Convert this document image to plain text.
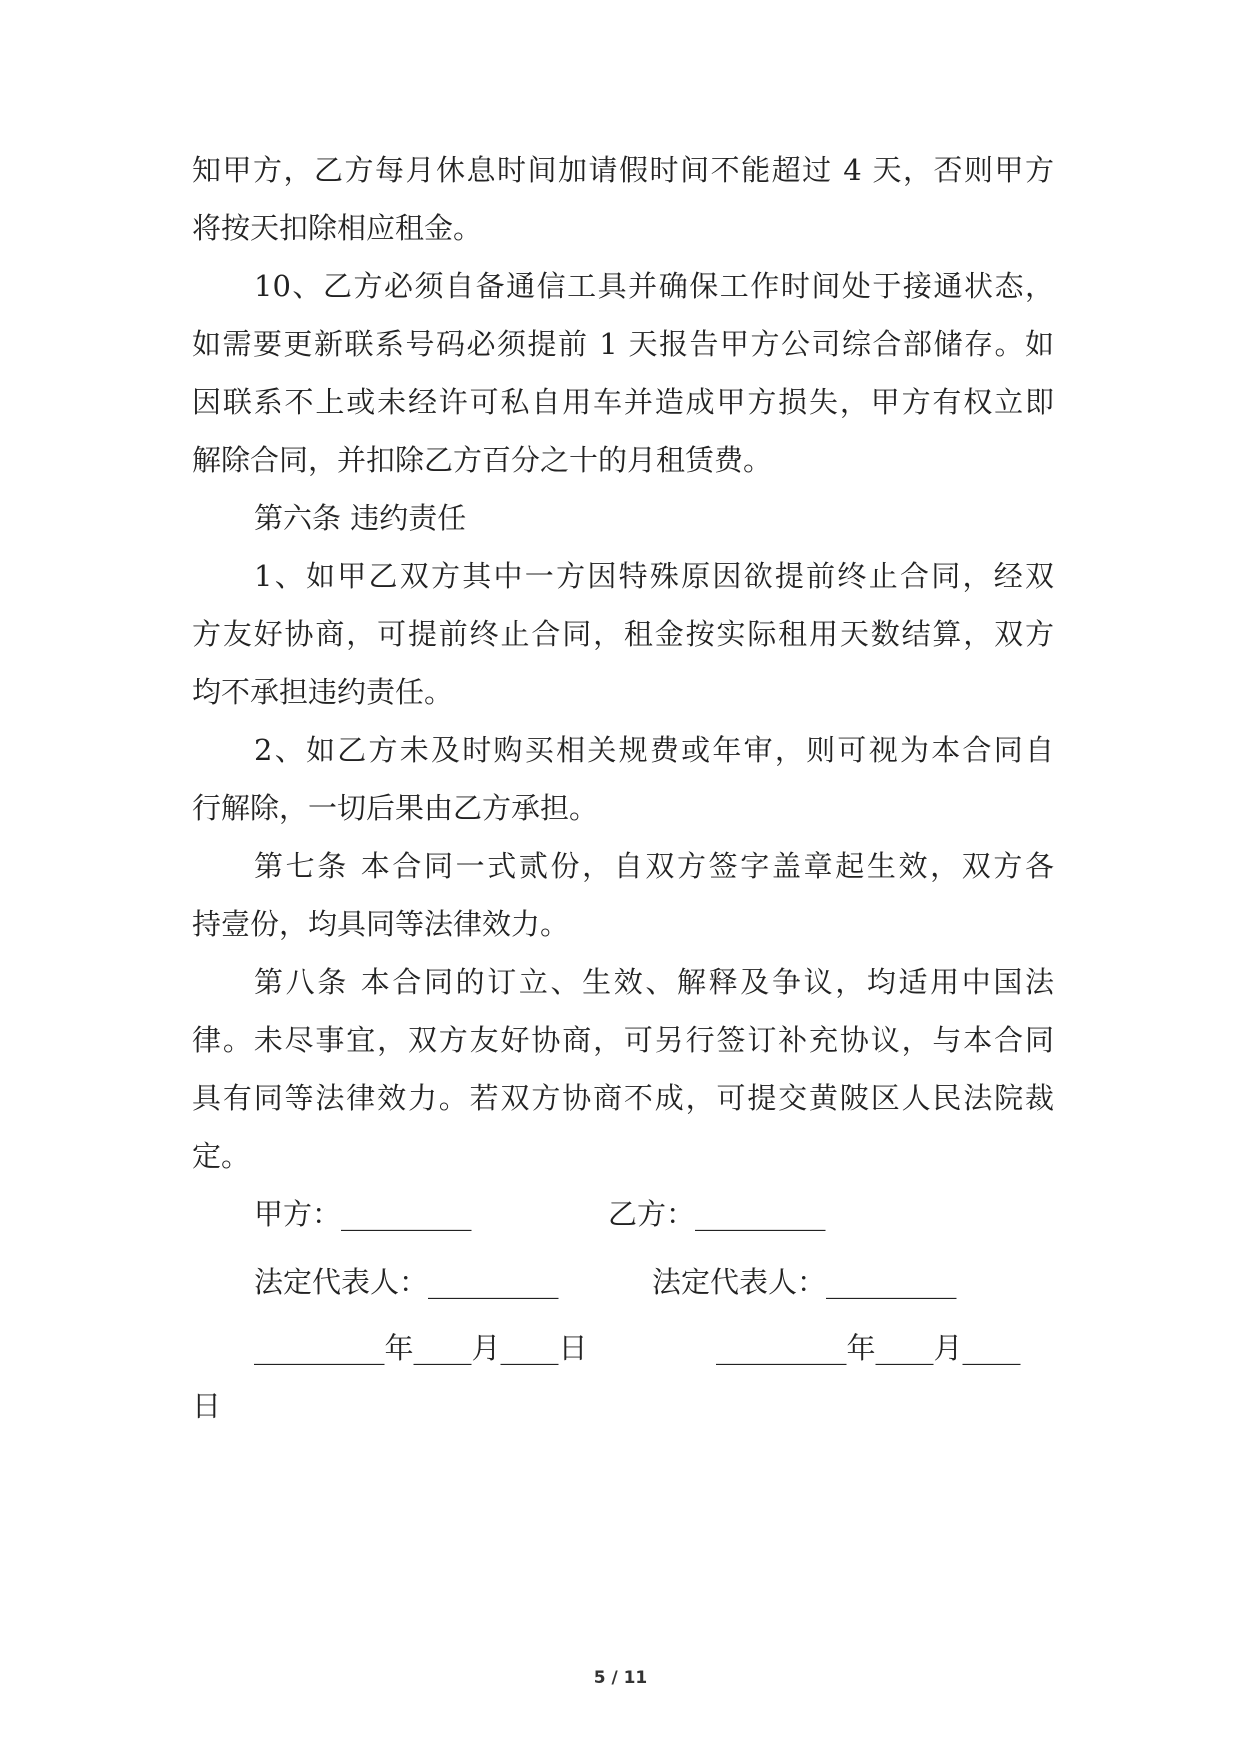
知甲方，乙方每月休息时间加请假时间不能超过 4 天，否则甲方
将按天扣除相应租金。
10、乙方必须自备通信工具并确保工作时间处于接通状态，
如需要更新联系号码必须提前 1 天报告甲方公司综合部储存。如
因联系不上或未经许可私自用车并造成甲方损失，甲方有权立即
解除合同，并扣除乙方百分之十的月租赁费。
第六条 违约责任
1、如甲乙双方其中一方因特殊原因欲提前终止合同，经双
方友好协商，可提前终止合同，租金按实际租用天数结算，双方
均不承担违约责任。
2、如乙方未及时购买相关规费或年审，则可视为本合同自
行解除，一切后果由乙方承担。
第七条 本合同一式贰份，自双方签字盖章起生效，双方各
持壹份，均具同等法律效力。
第八条 本合同的订立、生效、解释及争议，均适用中国法
律。未尽事宜，双方友好协商，可另行签订补充协议，与本合同
具有同等法律效力。若双方协商不成，可提交黄陂区人民法院裁
定。
甲方：_________	乙方：_________
法定代表人：_________	法定代表人：_________
_________年____月____日	_________年____月____
日
5 / 11
